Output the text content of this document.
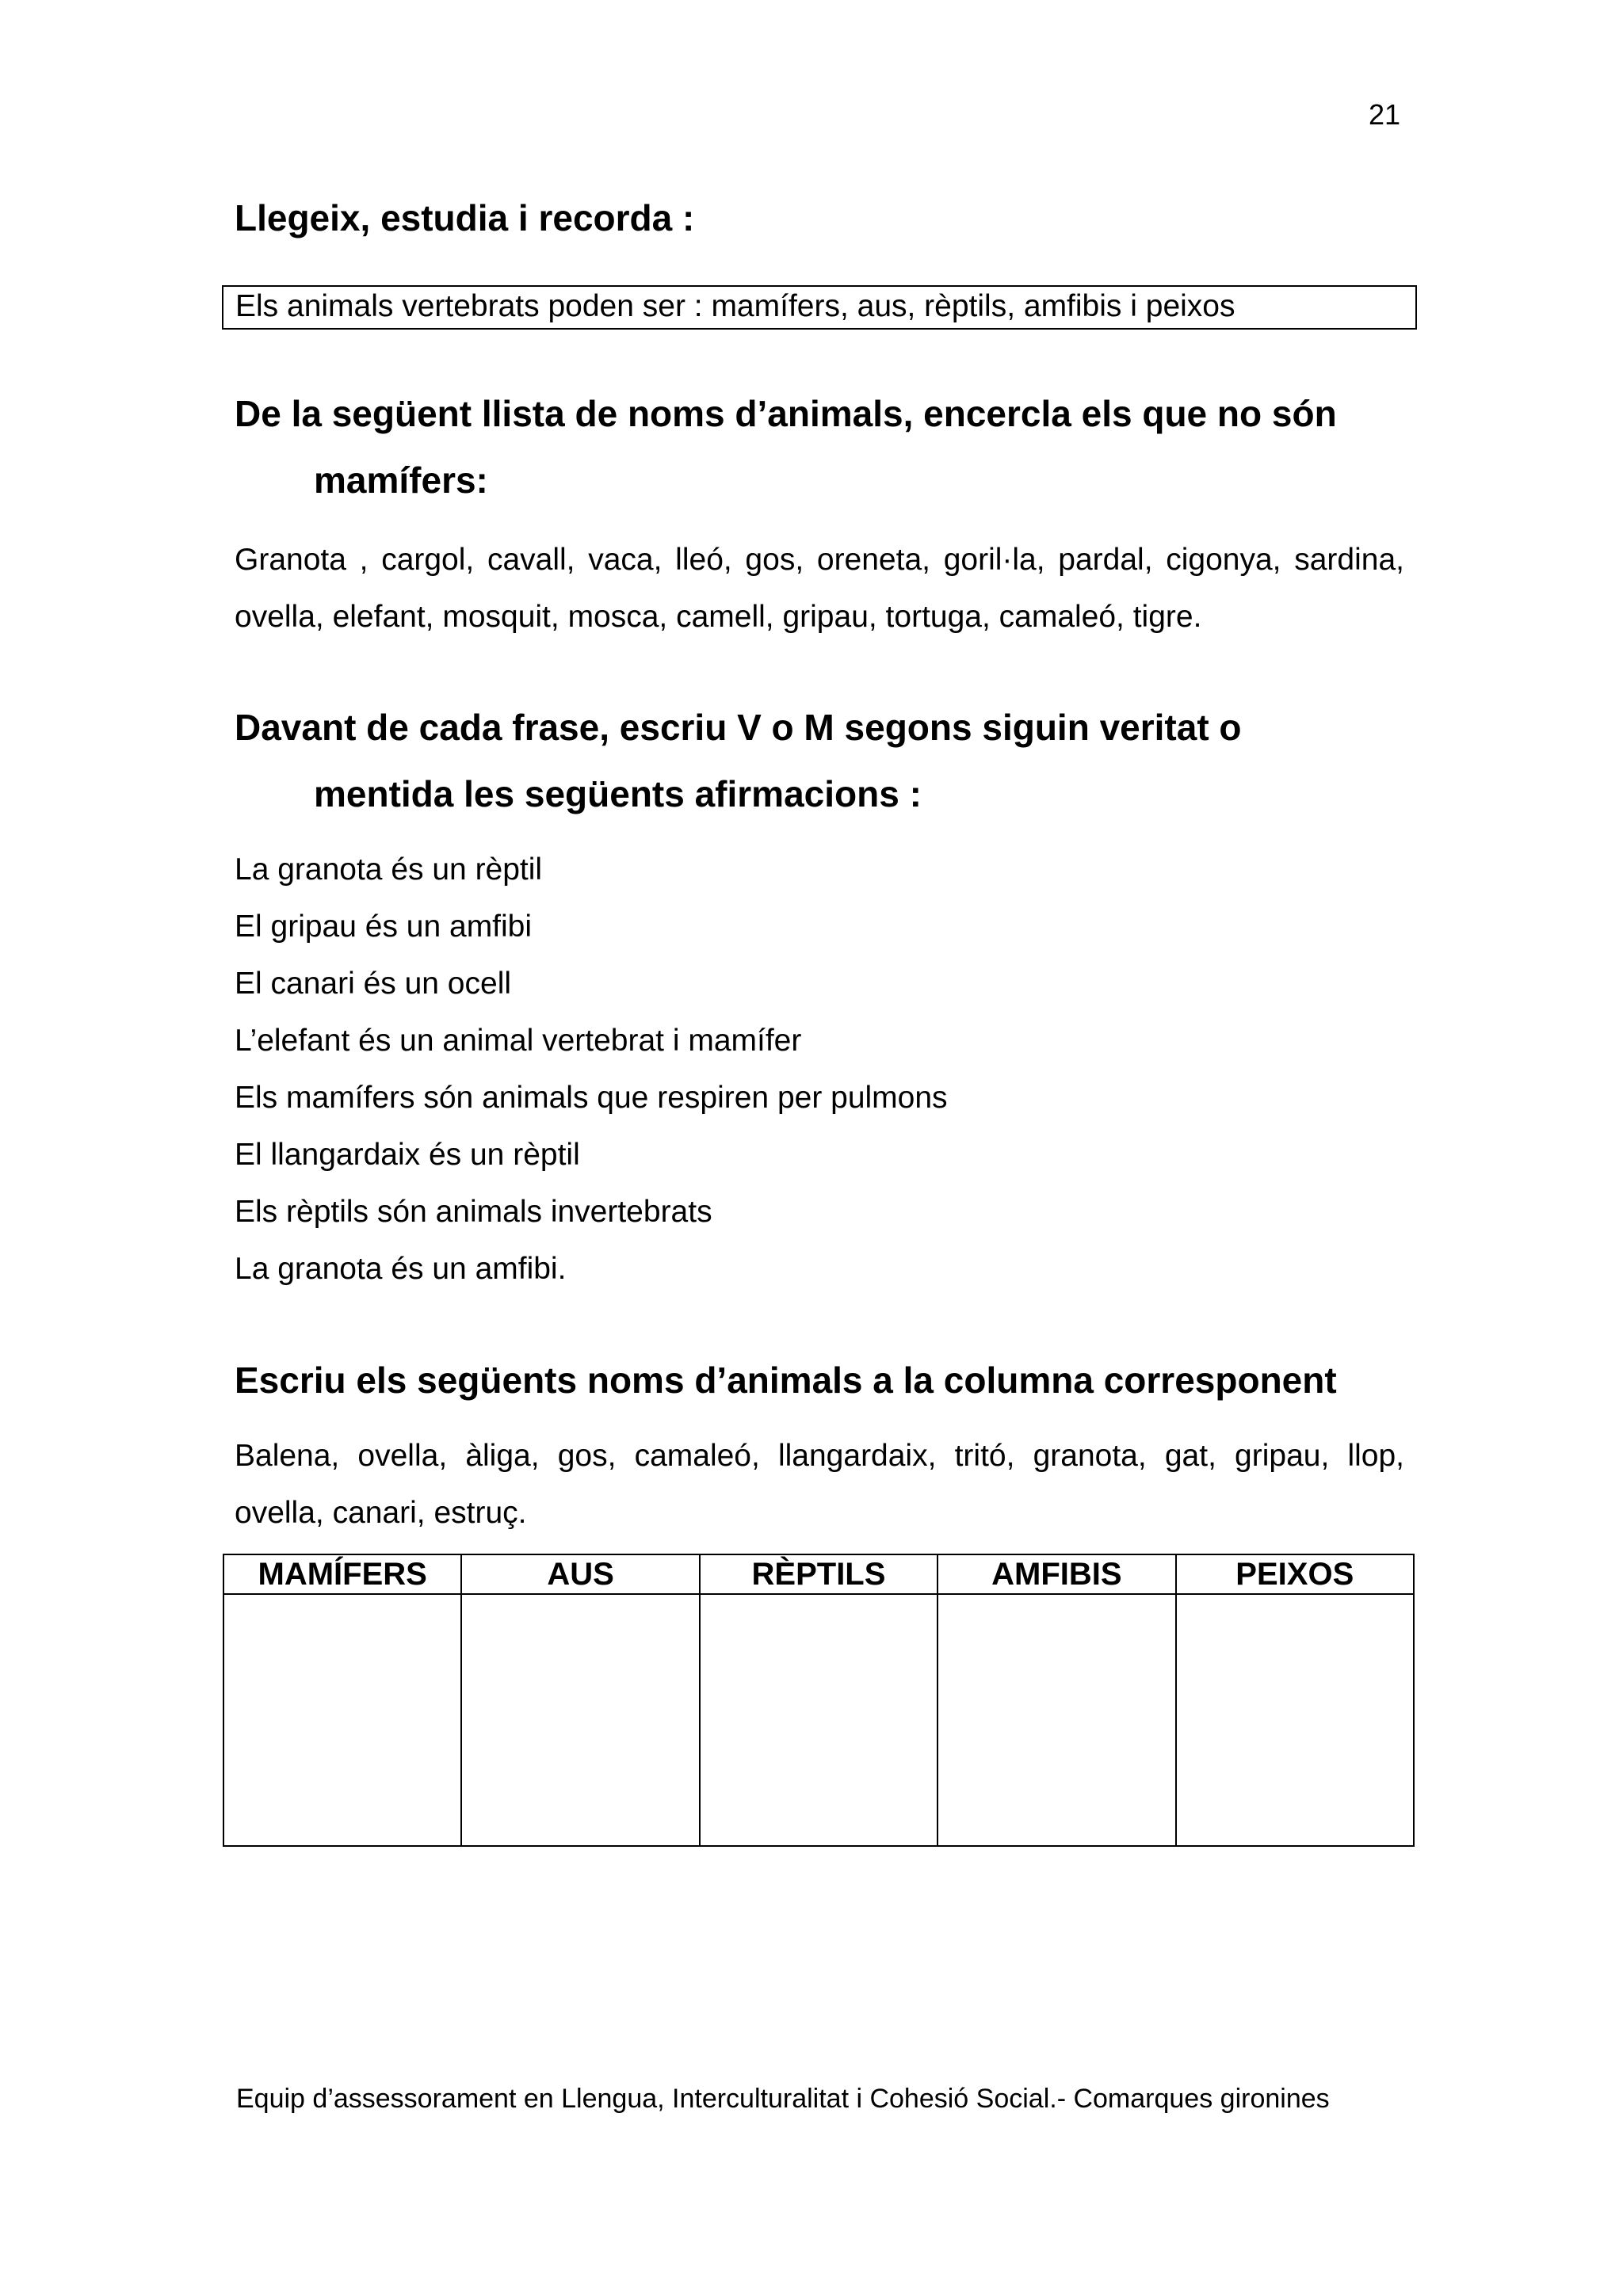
21
Llegeix, estudia i recorda :
Els animals vertebrats poden ser : mamífers, aus, rèptils, amfibis i peixos
De la següent llista de noms d’animals, encercla els que no són
mamífers:
Granota , cargol, cavall, vaca, lleó, gos, oreneta, goril·la, pardal, cigonya, sardina, ovella, elefant, mosquit, mosca, camell, gripau, tortuga, camaleó, tigre.
Davant de cada frase, escriu V o M segons siguin veritat o
mentida les següents afirmacions :
La granota és un rèptil
El gripau és un amfibi
El canari és un ocell
L’elefant és un animal vertebrat i mamífer
Els mamífers són animals que respiren per pulmons
El llangardaix és un rèptil
Els rèptils són animals invertebrats
La granota és un amfibi.
Escriu els següents noms d’animals a la columna corresponent
Balena, ovella, àliga, gos, camaleó, llangardaix, tritó, granota, gat, gripau, llop, ovella, canari, estruç.
MAMÍFERS	AUS	RÈPTILS	AMFIBIS	PEIXOS

Equip d’assessorament en Llengua, Interculturalitat i Cohesió Social.- Comarques gironines
